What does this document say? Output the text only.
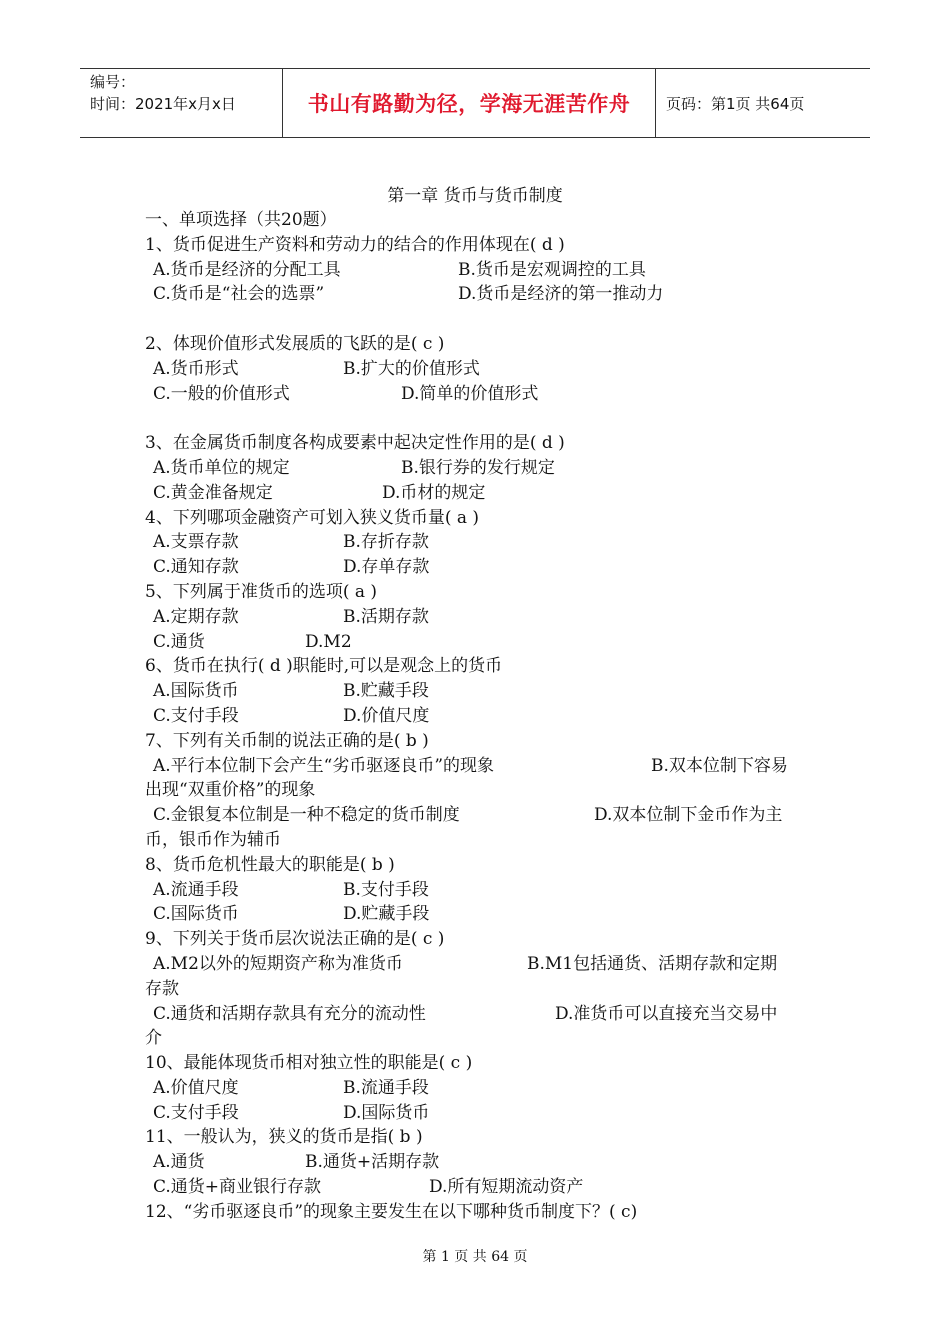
编号：
时间：2021年x月x日	书山有路勤为径，学海无涯苦作舟	页码：第1页 共64页
第一章 货币与货币制度
一、单项选择（共20题）
1、货币促进生产资料和劳动力的结合的作用体现在( d )
A.货币是经济的分配工具	B.货币是宏观调控的工具
C.货币是“社会的选票”	D.货币是经济的第一推动力
2、体现价值形式发展质的飞跃的是( c )
A.货币形式	B.扩大的价值形式
C.一般的价值形式	D.简单的价值形式
3、在金属货币制度各构成要素中起决定性作用的是( d )
A.货币单位的规定	B.银行券的发行规定
C.黄金准备规定	D.币材的规定
4、下列哪项金融资产可划入狭义货币量( a )
A.支票存款	B.存折存款
C.通知存款	D.存单存款
5、下列属于准货币的选项( a )
A.定期存款	B.活期存款
C.通货	D.M2
6、货币在执行( d )职能时,可以是观念上的货币
A.国际货币	B.贮藏手段
C.支付手段	D.价值尺度
7、下列有关币制的说法正确的是( b )
A.平行本位制下会产生“劣币驱逐良币”的现象	B.双本位制下容易
出现“双重价格”的现象
C.金银复本位制是一种不稳定的货币制度	D.双本位制下金币作为主
币，银币作为辅币
8、货币危机性最大的职能是( b )
A.流通手段	B.支付手段
C.国际货币	D.贮藏手段
9、下列关于货币层次说法正确的是( c )
A.M2以外的短期资产称为准货币	B.M1包括通货、活期存款和定期
存款
C.通货和活期存款具有充分的流动性	D.准货币可以直接充当交易中
介
10、最能体现货币相对独立性的职能是( c )
A.价值尺度	B.流通手段
C.支付手段	D.国际货币
11、一般认为，狭义的货币是指( b )
A.通货	B.通货+活期存款
C.通货+商业银行存款	D.所有短期流动资产
12、“劣币驱逐良币”的现象主要发生在以下哪种货币制度下？( c)
第 1 页 共 64 页
